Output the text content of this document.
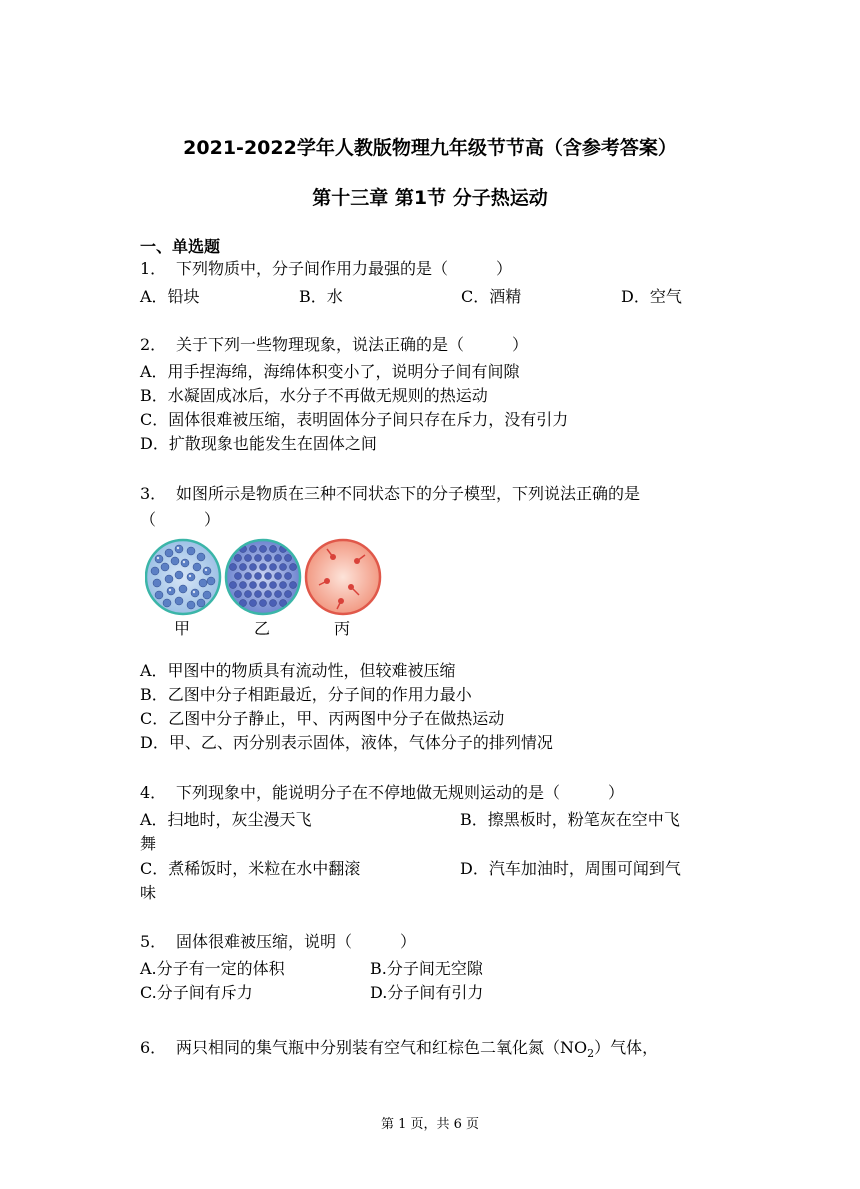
2021-2022学年人教版物理九年级节节高（含参考答案）
第十三章 第1节 分子热运动
一、单选题
1． 下列物质中，分子间作用力最强的是（　　　）
A．铅块	B．水	C．酒精	D．空气
2． 关于下列一些物理现象，说法正确的是（　　　）
A．用手捏海绵，海绵体积变小了，说明分子间有间隙
B．水凝固成冰后，水分子不再做无规则的热运动
C．固体很难被压缩，表明固体分子间只存在斥力，没有引力
D．扩散现象也能发生在固体之间
3． 如图所示是物质在三种不同状态下的分子模型，下列说法正确的是
（　　　）
甲	乙	丙
A．甲图中的物质具有流动性，但较难被压缩
B．乙图中分子相距最近，分子间的作用力最小
C．乙图中分子静止，甲、丙两图中分子在做热运动
D．甲、乙、丙分别表示固体，液体，气体分子的排列情况
4． 下列现象中，能说明分子在不停地做无规则运动的是（　　　）
A．扫地时，灰尘漫天飞	B．擦黑板时，粉笔灰在空中飞
舞
C．煮稀饭时，米粒在水中翻滚	D．汽车加油时，周围可闻到气
味
5． 固体很难被压缩，说明（　　　）
A.分子有一定的体积	B.分子间无空隙
C.分子间有斥力	D.分子间有引力
6． 两只相同的集气瓶中分别装有空气和红棕色二氧化氮$(NO_2)$气体，
第 1 页，共 6 页
